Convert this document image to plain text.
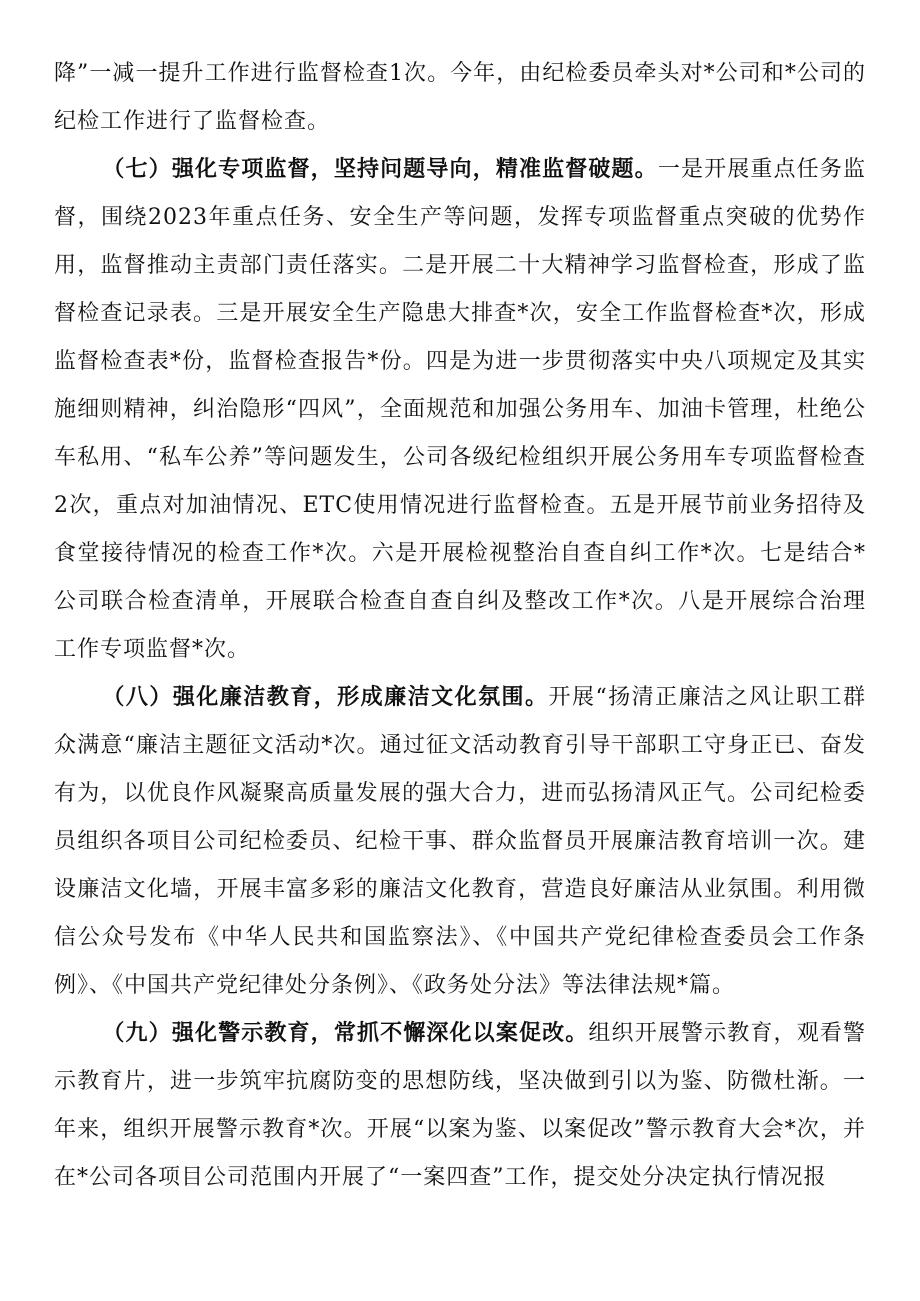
降”一减一提升工作进行监督检查1次。今年，由纪检委员牵头对*公司和*公司的纪检工作进行了监督检查。

（七）强化专项监督，坚持问题导向，精准监督破题。一是开展重点任务监督，围绕2023年重点任务、安全生产等问题，发挥专项监督重点突破的优势作用，监督推动主责部门责任落实。二是开展二十大精神学习监督检查，形成了监督检查记录表。三是开展安全生产隐患大排查*次，安全工作监督检查*次，形成监督检查表*份，监督检查报告*份。四是为进一步贯彻落实中央八项规定及其实施细则精神，纠治隐形“四风”，全面规范和加强公务用车、加油卡管理，杜绝公车私用、“私车公养”等问题发生，公司各级纪检组织开展公务用车专项监督检查2次，重点对加油情况、ETC使用情况进行监督检查。五是开展节前业务招待及食堂接待情况的检查工作*次。六是开展检视整治自查自纠工作*次。七是结合*公司联合检查清单，开展联合检查自查自纠及整改工作*次。八是开展综合治理工作专项监督*次。

（八）强化廉洁教育，形成廉洁文化氛围。开展“扬清正廉洁之风让职工群众满意“廉洁主题征文活动*次。通过征文活动教育引导干部职工守身正已、奋发有为，以优良作风凝聚高质量发展的强大合力，进而弘扬清风正气。公司纪检委员组织各项目公司纪检委员、纪检干事、群众监督员开展廉洁教育培训一次。建设廉洁文化墙，开展丰富多彩的廉洁文化教育，营造良好廉洁从业氛围。利用微信公众号发布《中华人民共和国监察法》、《中国共产党纪律检查委员会工作条例》、《中国共产党纪律处分条例》、《政务处分法》等法律法规*篇。

（九）强化警示教育，常抓不懈深化以案促改。组织开展警示教育，观看警示教育片，进一步筑牢抗腐防变的思想防线，坚决做到引以为鉴、防微杜渐。一年来，组织开展警示教育*次。开展“以案为鉴、以案促改”警示教育大会*次，并在*公司各项目公司范围内开展了“一案四查”工作，提交处分决定执行情况报
